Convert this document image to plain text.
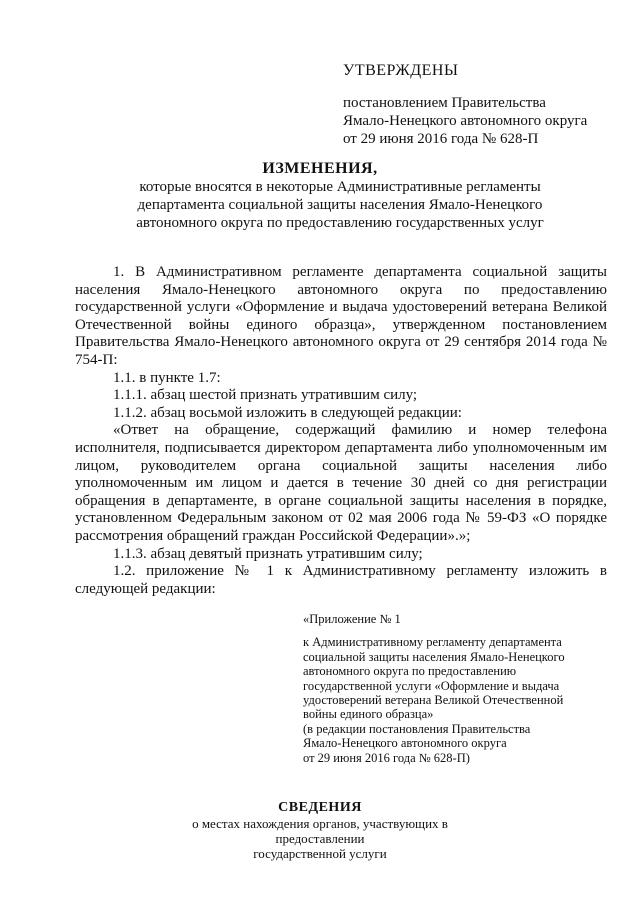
УТВЕРЖДЕНЫ
постановлением Правительства
Ямало-Ненецкого автономного округа
от 29 июня 2016 года № 628-П
ИЗМЕНЕНИЯ,
которые вносятся в некоторые Административные регламенты департамента социальной защиты населения Ямало-Ненецкого автономного округа по предоставлению государственных услуг

1. В Административном регламенте департамента социальной защиты населения Ямало-Ненецкого автономного округа по предоставлению государственной услуги «Оформление и выдача удостоверений ветерана Великой Отечественной войны единого образца», утвержденном постановлением Правительства Ямало-Ненецкого автономного округа от 29 сентября 2014 года № 754-П:

1.1. в пункте 1.7:

1.1.1. абзац шестой признать утратившим силу;

1.1.2. абзац восьмой изложить в следующей редакции:

«Ответ на обращение, содержащий фамилию и номер телефона исполнителя, подписывается директором департамента либо уполномоченным им лицом, руководителем органа социальной защиты населения либо уполномоченным им лицом и дается в течение 30 дней со дня регистрации обращения в департаменте, в органе социальной защиты населения в порядке, установленном Федеральным законом от 02 мая 2006 года № 59-ФЗ «О порядке рассмотрения обращений граждан Российской Федерации».»;

1.1.3. абзац девятый признать утратившим силу;

1.2. приложение № 1 к Административному регламенту изложить в следующей редакции:

«Приложение № 1
к Административному регламенту департамента
социальной защиты населения Ямало-Ненецкого
автономного округа по предоставлению
государственной услуги «Оформление и выдача
удостоверений ветерана Великой Отечественной
войны единого образца»
(в редакции постановления Правительства
Ямало-Ненецкого автономного округа
от 29 июня 2016 года № 628-П)
СВЕДЕНИЯ
о местах нахождения органов, участвующих в предоставлении
государственной услуги
